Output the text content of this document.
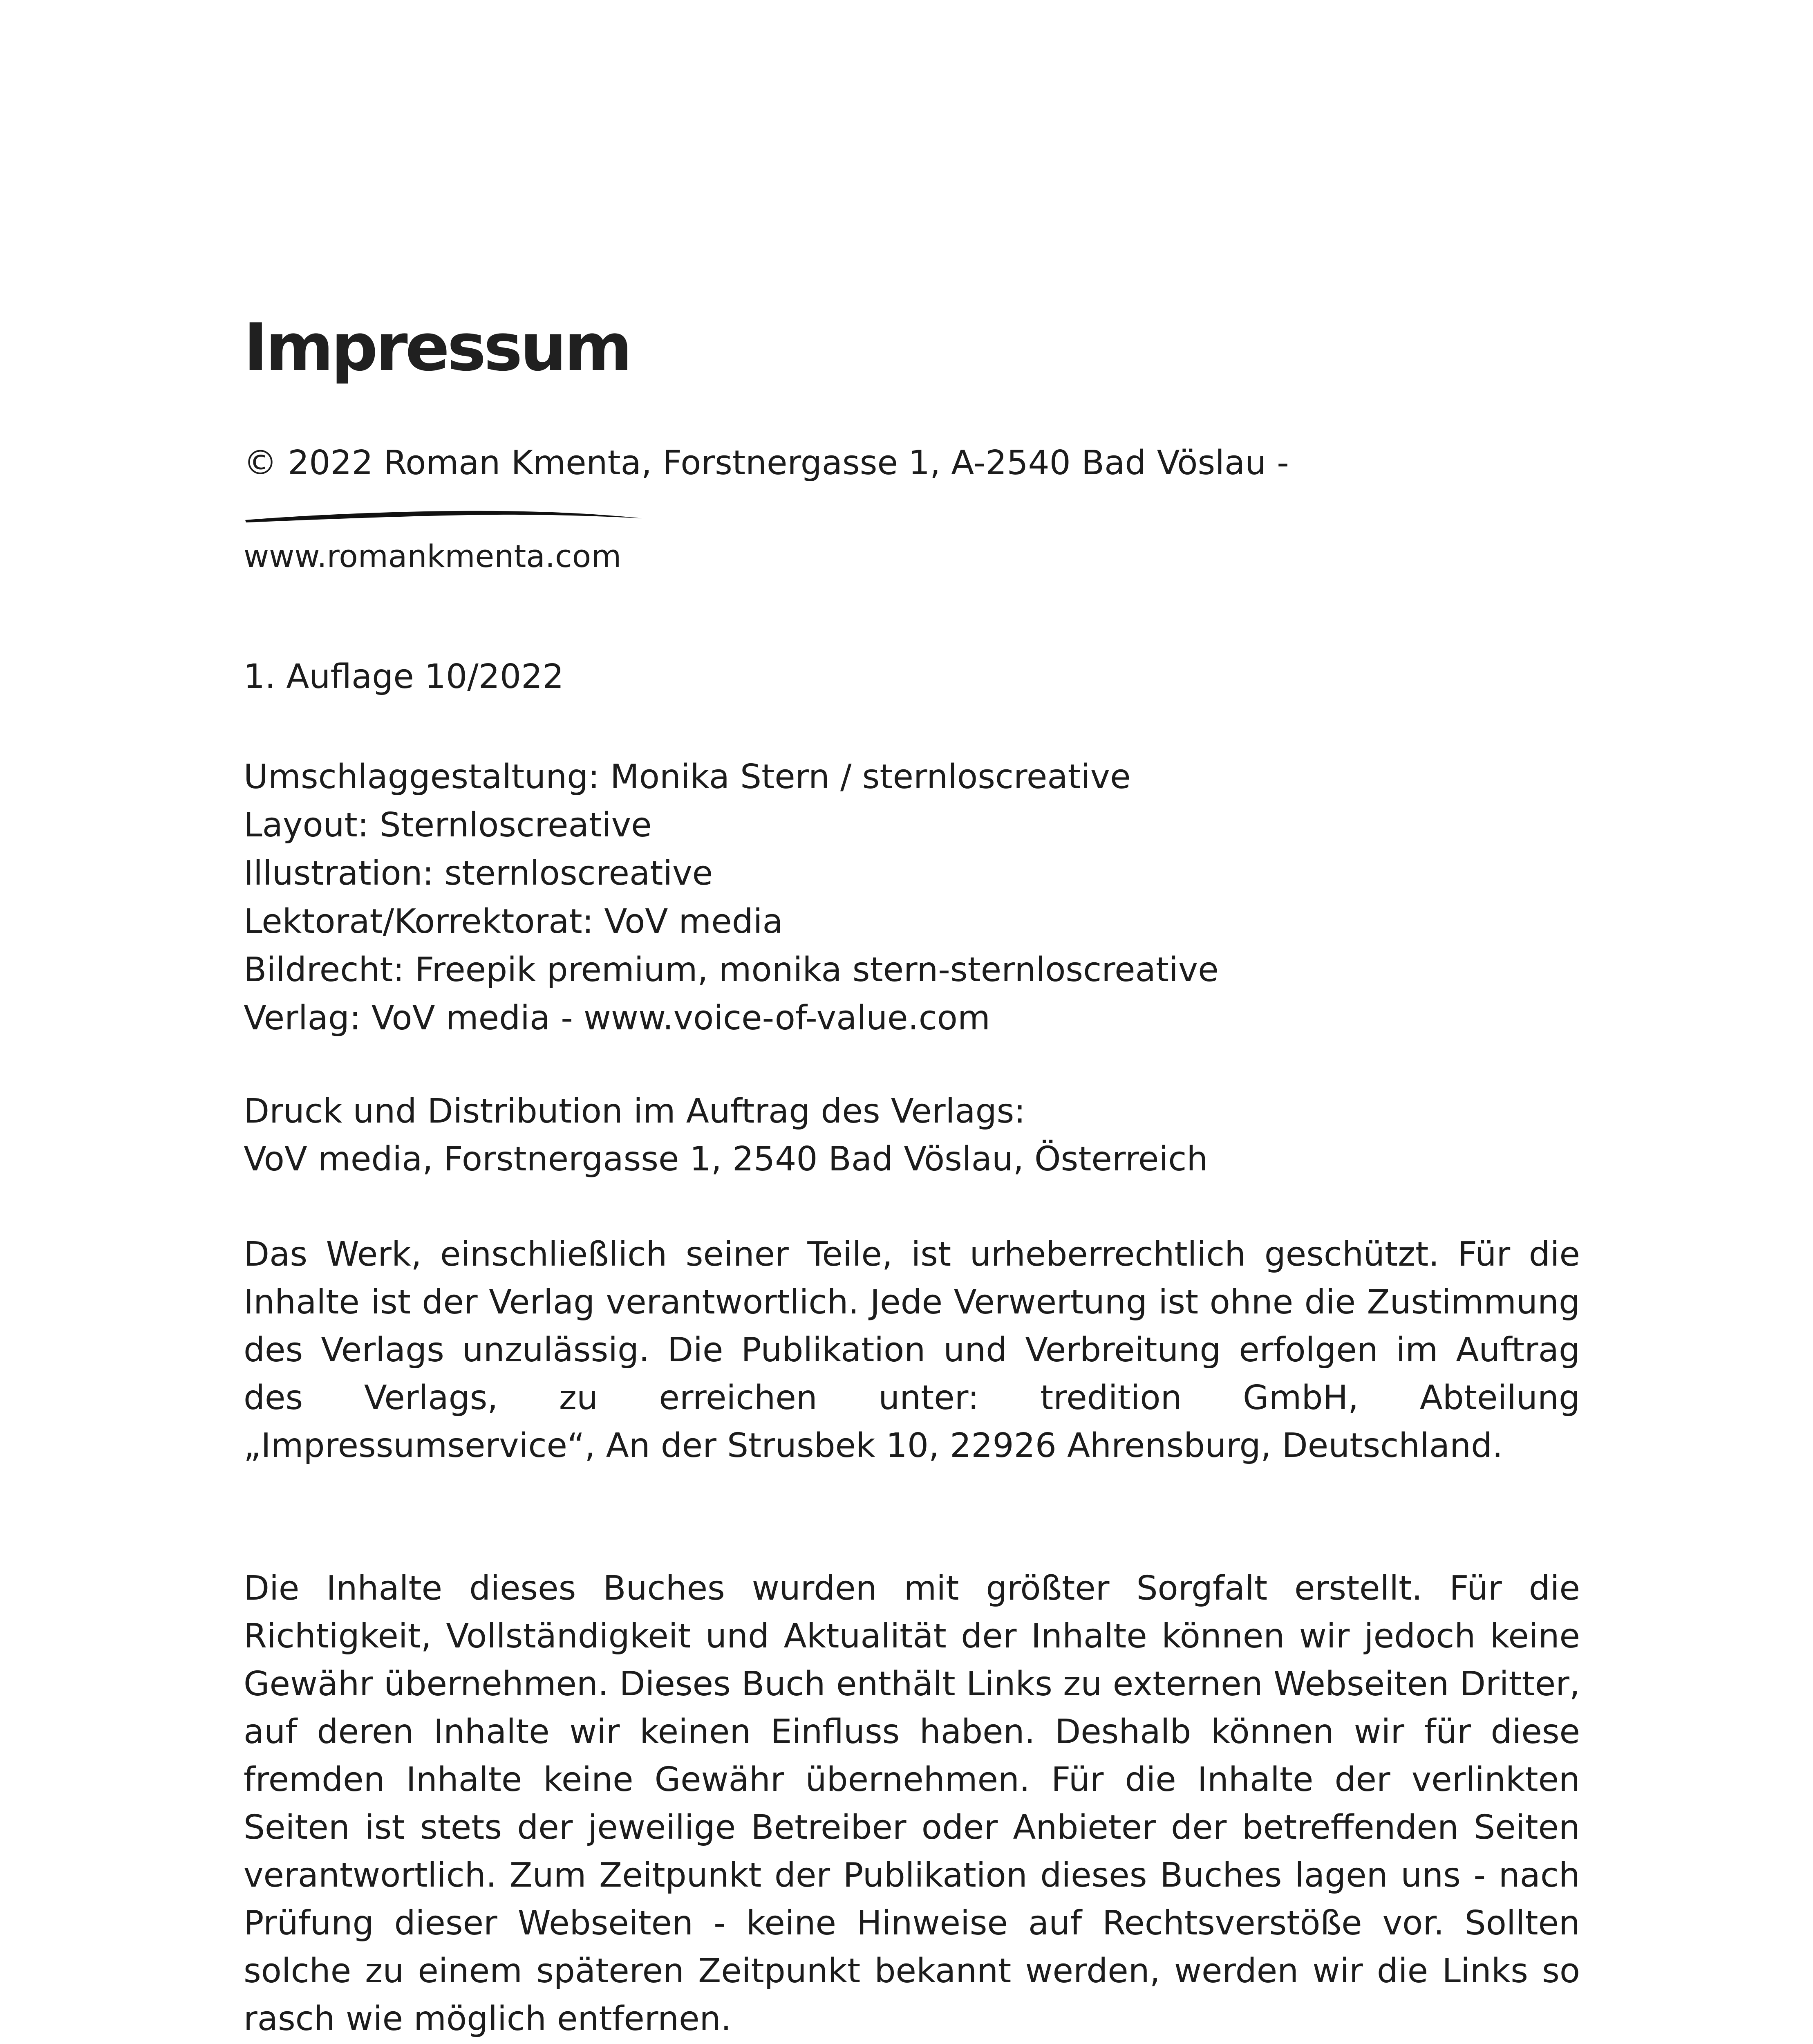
Impressum
© 2022 Roman Kmenta, Forstnergasse 1, A-2540 Bad Vöslau -
www.romankmenta.com
1. Auflage 10/2022
Umschlaggestaltung: Monika Stern / sternloscreative
Layout: Sternloscreative
Illustration: sternloscreative
Lektorat/Korrektorat: VoV media
Bildrecht: Freepik premium, monika stern-sternloscreative
Verlag: VoV media - www.voice-of-value.com
Druck und Distribution im Auftrag des Verlags:
VoV media, Forstnergasse 1, 2540 Bad Vöslau, Österreich

Das Werk, einschließlich seiner Teile, ist urheberrechtlich geschützt. Für die Inhalte ist der Verlag verantwortlich. Jede Verwertung ist ohne die Zustimmung des Verlags unzulässig. Die Publikation und Verbreitung erfolgen im Auftrag des Verlags, zu erreichen unter: tredition GmbH, Abteilung „Impressumservice“, An der Strusbek 10, 22926 Ahrensburg, Deutschland.

Die Inhalte dieses Buches wurden mit größter Sorgfalt erstellt. Für die Richtigkeit, Vollständigkeit und Aktualität der Inhalte können wir jedoch keine Gewähr übernehmen. Dieses Buch enthält Links zu externen Webseiten Dritter, auf deren Inhalte wir keinen Einfluss haben. Deshalb können wir für diese fremden Inhalte keine Gewähr übernehmen. Für die Inhalte der verlinkten Seiten ist stets der jeweilige Betreiber oder Anbieter der betreffenden Seiten verantwortlich. Zum Zeitpunkt der Publikation dieses Buches lagen uns - nach Prüfung dieser Webseiten - keine Hinweise auf Rechtsverstöße vor. Sollten solche zu einem späteren Zeitpunkt bekannt werden, werden wir die Links so rasch wie möglich entfernen.
